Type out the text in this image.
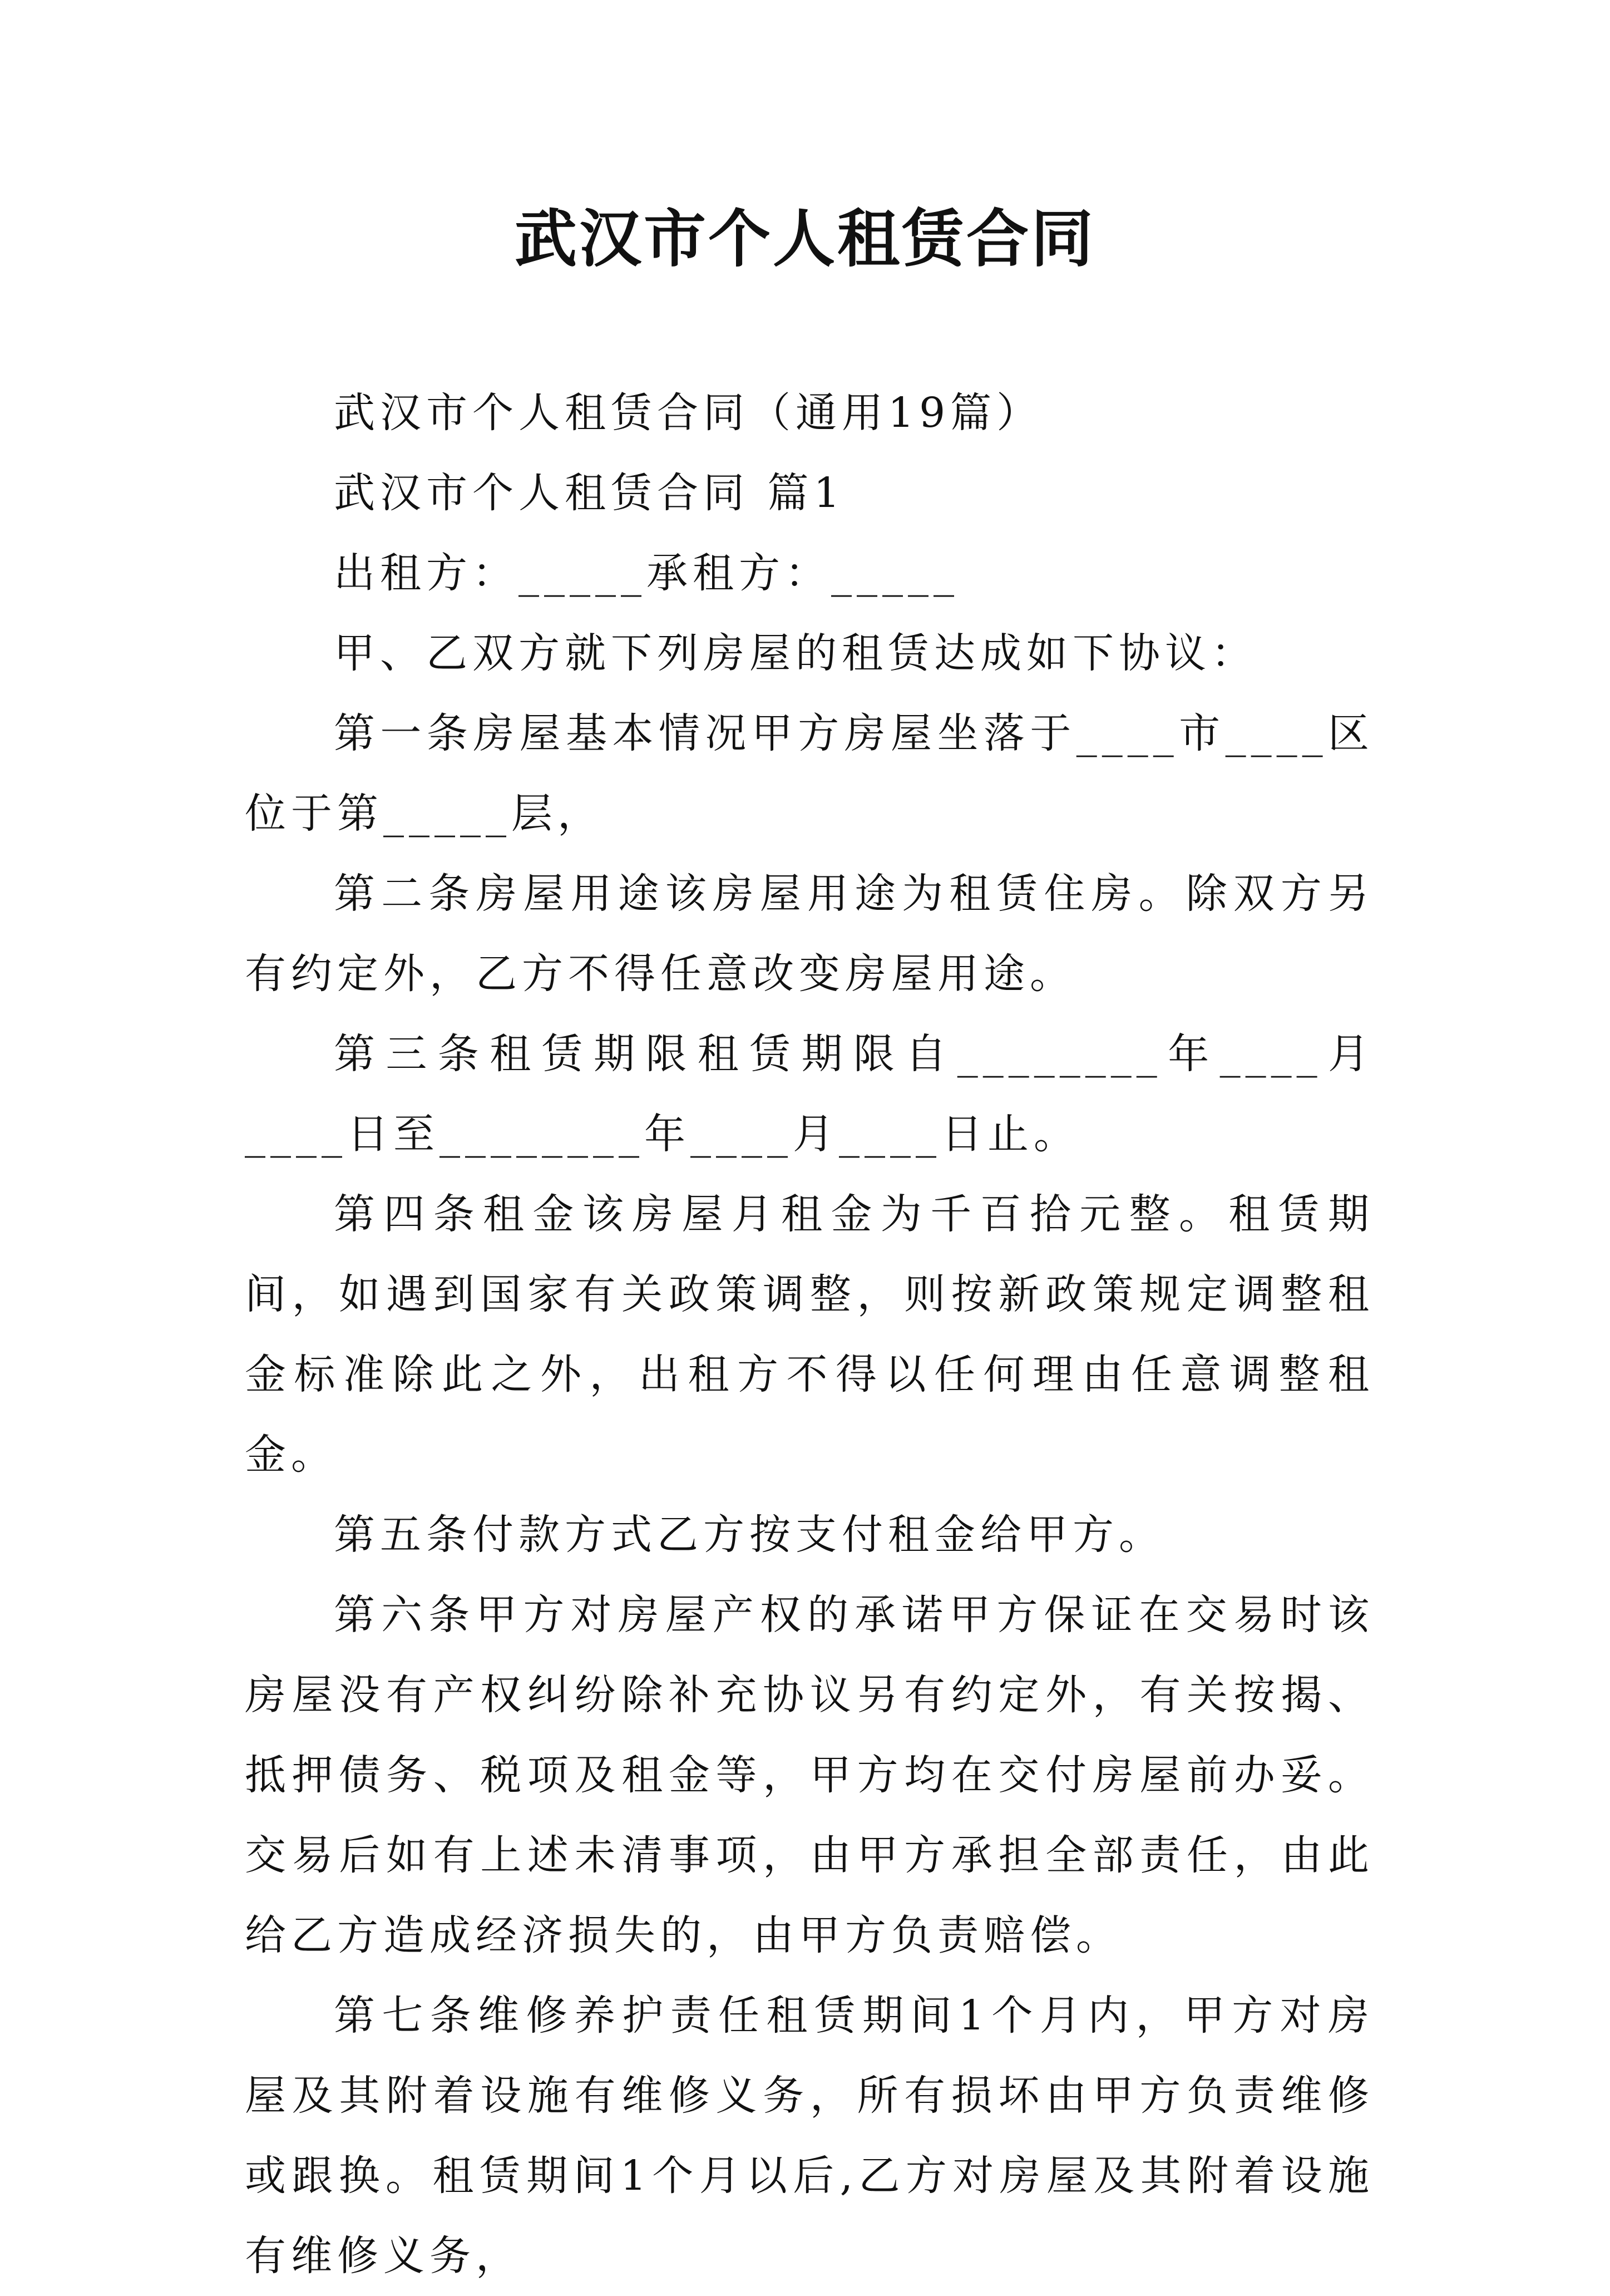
武汉市个人租赁合同

武汉市个人租赁合同（通用19篇）

武汉市个人租赁合同 篇1

出租方：_____承租方：_____

甲、乙双方就下列房屋的租赁达成如下协议：

第一条房屋基本情况甲方房屋坐落于____市____区位于第_____层，

第二条房屋用途该房屋用途为租赁住房。除双方另有约定外，乙方不得任意改变房屋用途。

第三条租赁期限租赁期限自________年____月____日至________年____月____日止。

第四条租金该房屋月租金为千百拾元整。租赁期间，如遇到国家有关政策调整，则按新政策规定调整租金标准除此之外，出租方不得以任何理由任意调整租金。

第五条付款方式乙方按支付租金给甲方。

第六条甲方对房屋产权的承诺甲方保证在交易时该房屋没有产权纠纷除补充协议另有约定外，有关按揭、抵押债务、税项及租金等，甲方均在交付房屋前办妥。交易后如有上述未清事项，由甲方承担全部责任，由此给乙方造成经济损失的，由甲方负责赔偿。

第七条维修养护责任租赁期间1个月内，甲方对房屋及其附着设施有维修义务，所有损坏由甲方负责维修或跟换。租赁期间1个月以后,乙方对房屋及其附着设施有维修义务，
